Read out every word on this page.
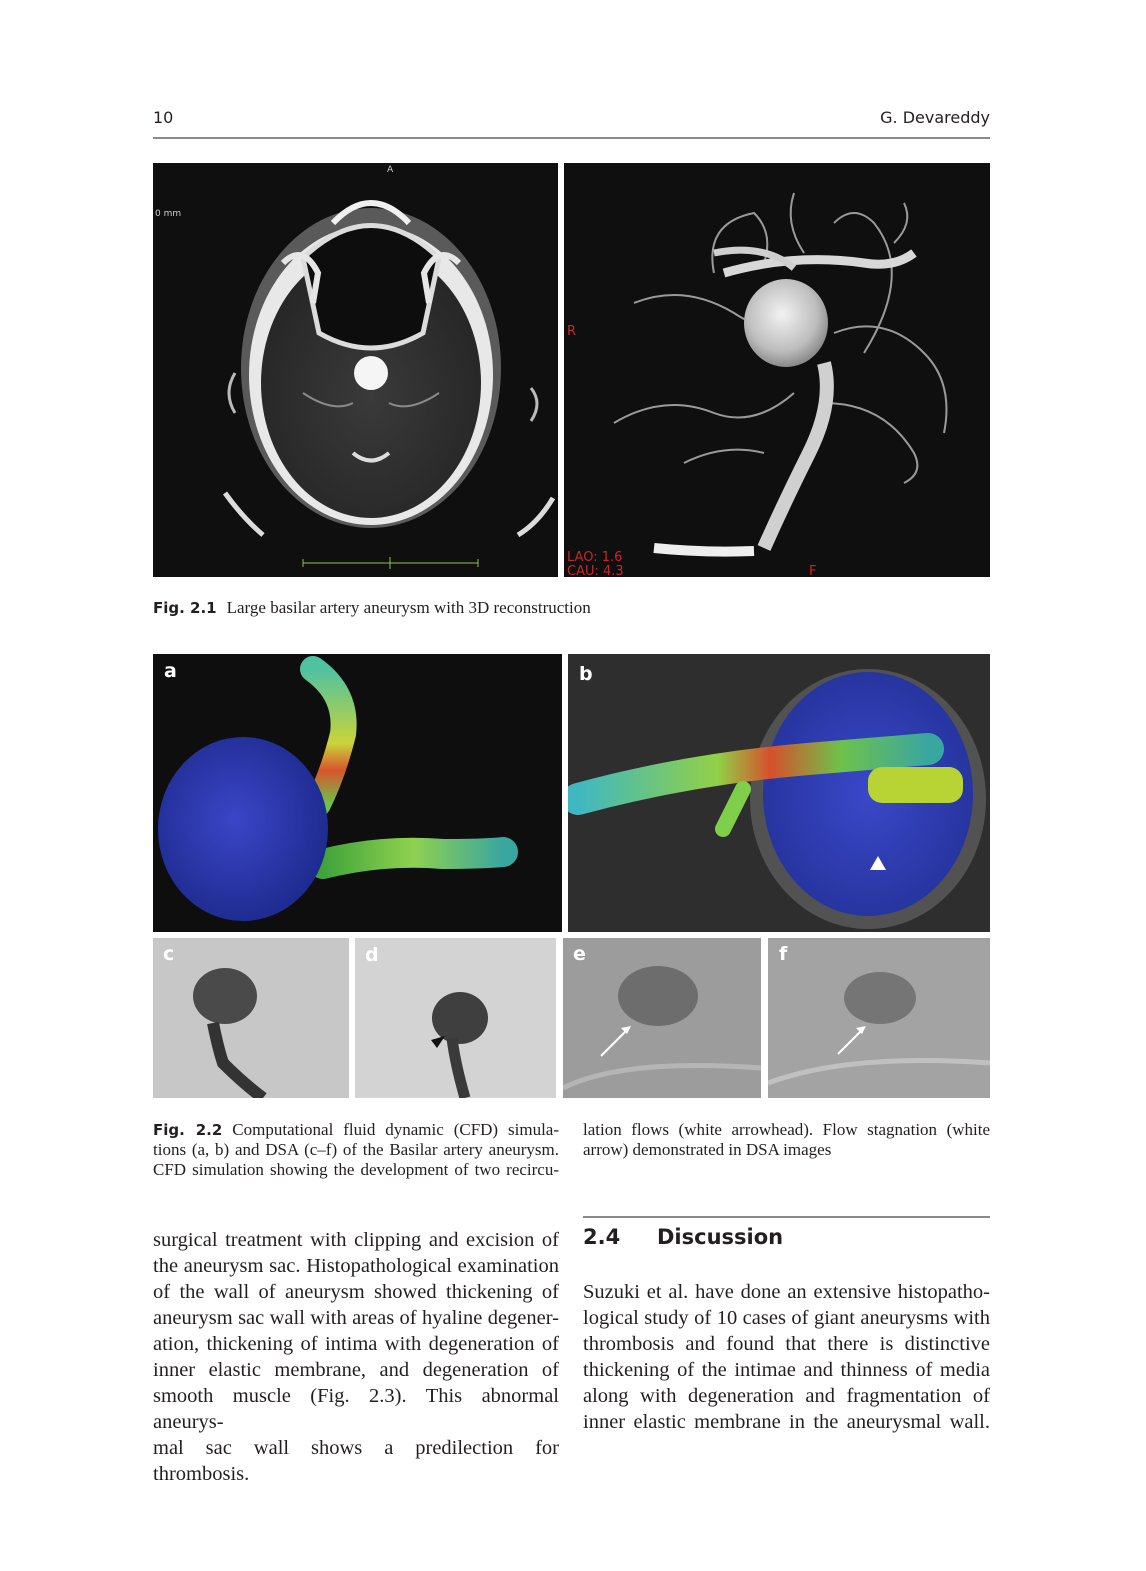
10	G. Devareddy
A
0 mm
R
LAO: 1.6
CAU: 4.3	F
Fig. 2.1 Large basilar artery aneurysm with 3D reconstruction
a	b
c	d	e	f
Fig. 2.2 Computational fluid dynamic (CFD) simula-
tions (a, b) and DSA (c–f) of the Basilar artery aneurysm.
CFD simulation showing the development of two recircu-
lation flows (white arrowhead). Flow stagnation (white
arrow) demonstrated in DSA images
surgical treatment with clipping and excision of
the aneurysm sac. Histopathological examination
of the wall of aneurysm showed thickening of
aneurysm sac wall with areas of hyaline degener-
ation, thickening of intima with degeneration of
inner elastic membrane, and degeneration of
smooth muscle (Fig. 2.3). This abnormal aneurys-
mal sac wall shows a predilection for thrombosis.
2.4 Discussion
Suzuki et al. have done an extensive histopatho-
logical study of 10 cases of giant aneurysms with
thrombosis and found that there is distinctive
thickening of the intimae and thinness of media
along with degeneration and fragmentation of
inner elastic membrane in the aneurysmal wall.
